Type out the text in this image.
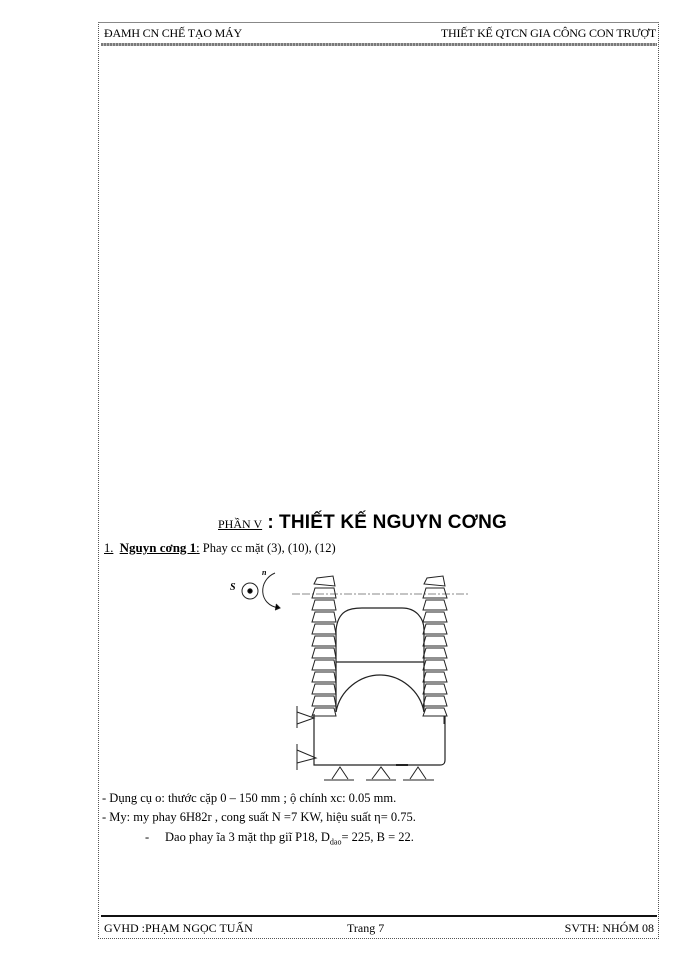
ĐAMH CN CHẾ TẠO MÁY	THIẾT KẾ QTCN GIA CÔNG CON TRƯỢT
PHẦN V : THIẾT KẾ NGUYN CƠNG
1. Nguyn cơng 1: Phay cc mặt (3), (10), (12)
S
n
- Dụng cụ o: thước cặp 0 – 150 mm ; ộ chính xc: 0.05 mm.
- My: my phay 6H82r , cong suất N =7 KW, hiệu suất η= 0.75.
- Dao phay ĩa 3 mặt thp giĩ P18, $D_{dao}= 225$, B = 22.
GVHD :PHẠM NGỌC TUẤN	Trang 7	SVTH: NHÓM 08
